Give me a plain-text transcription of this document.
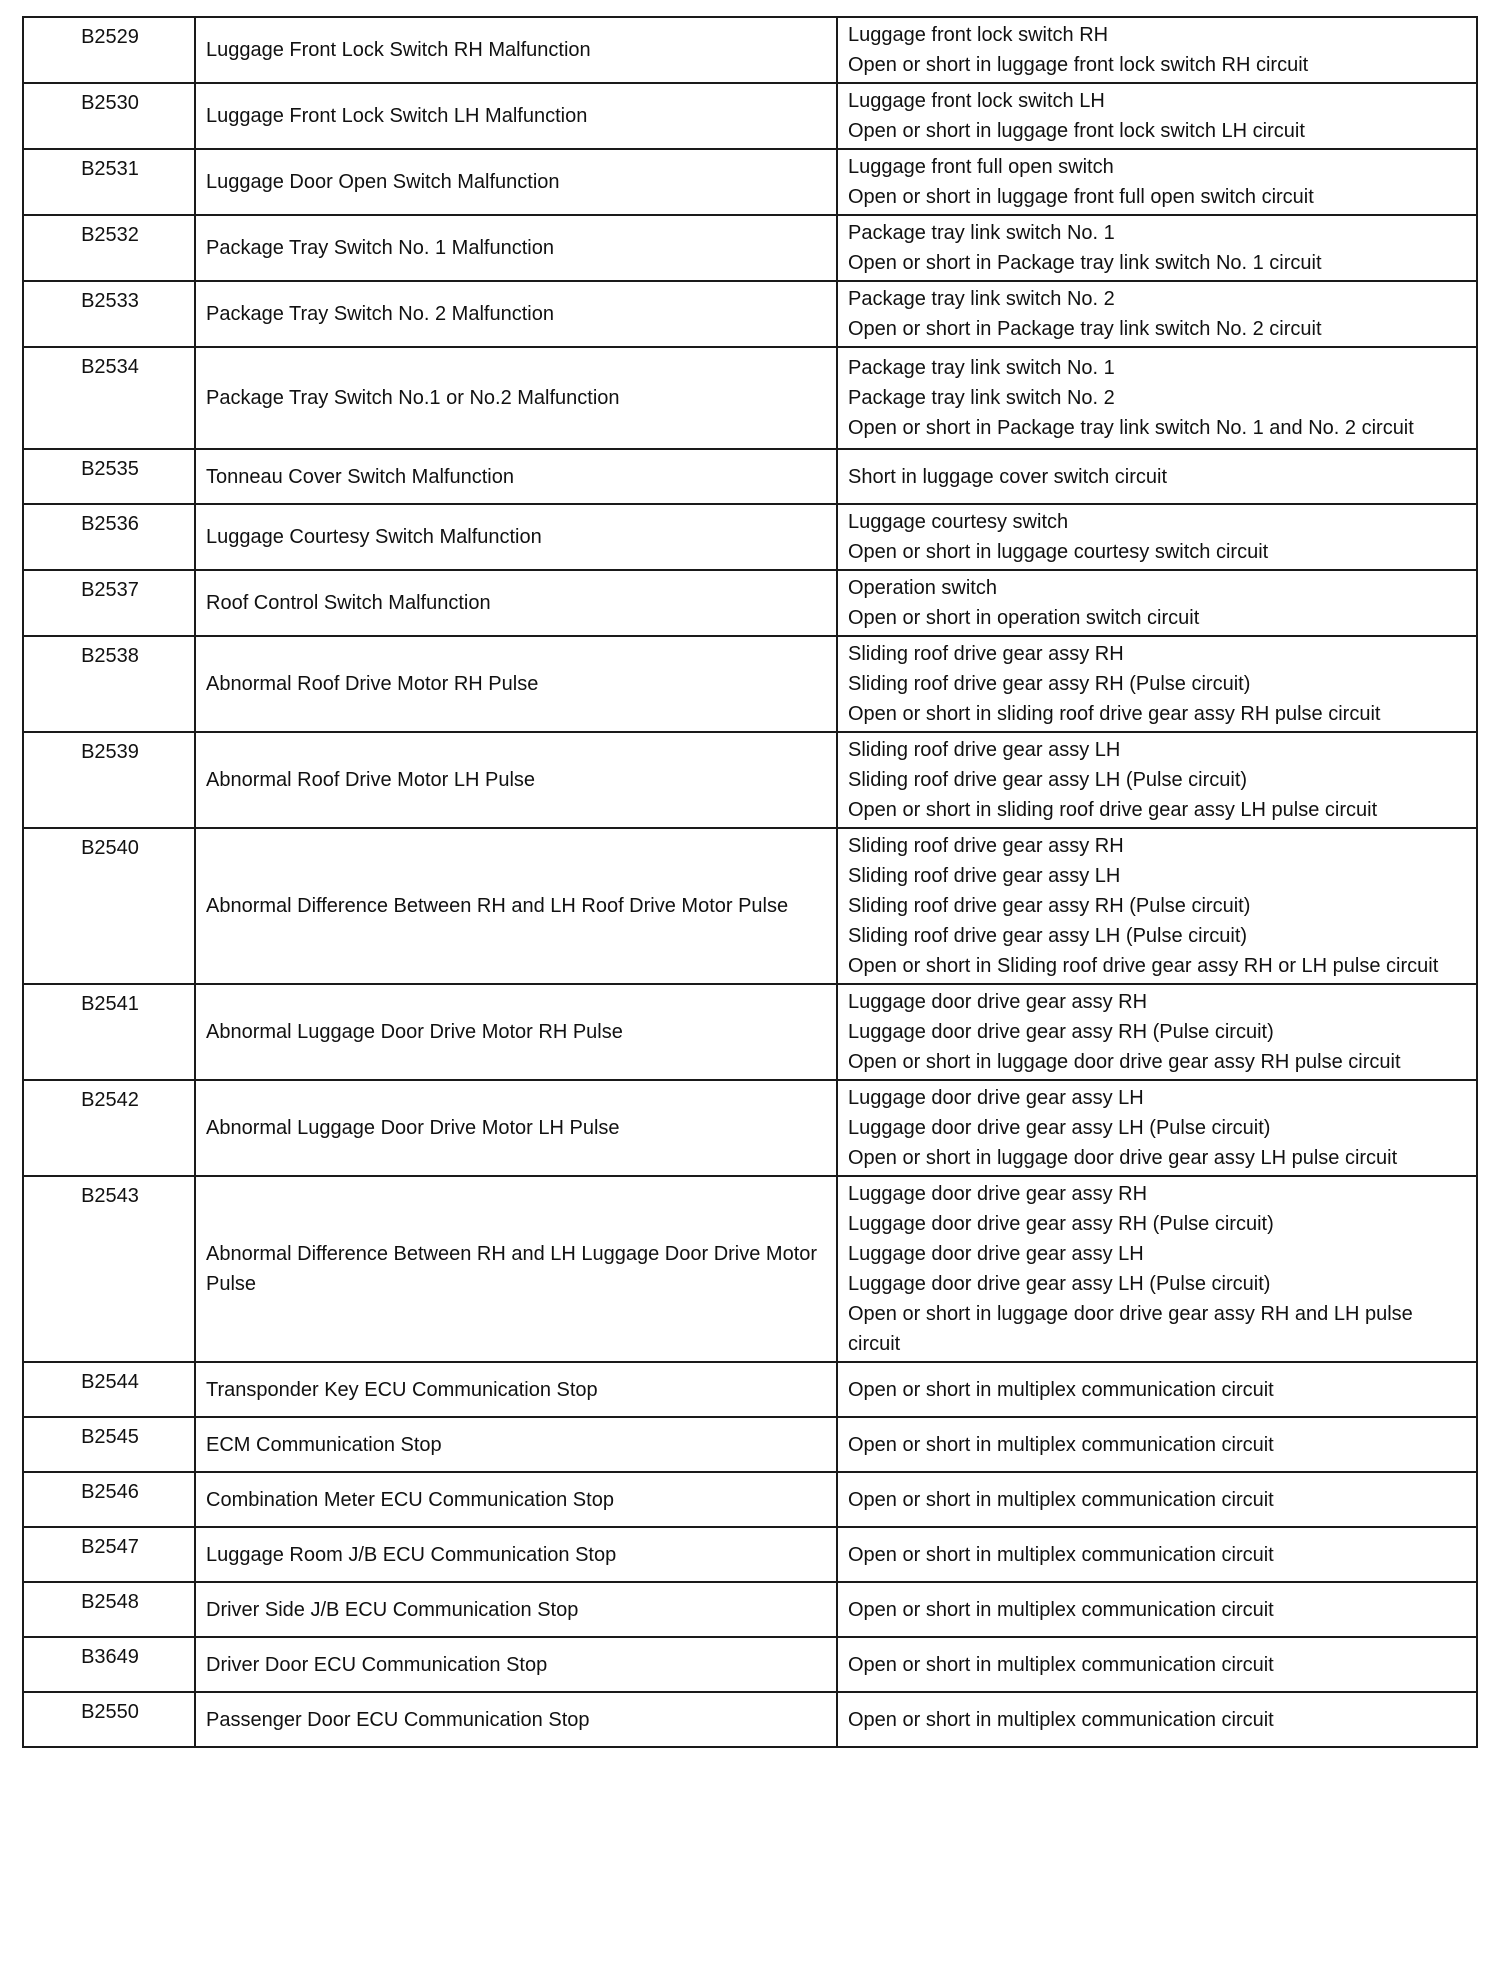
B2529	Luggage Front Lock Switch RH Malfunction	Luggage front lock switch RH
Open or short in luggage front lock switch RH circuit

B2530	Luggage Front Lock Switch LH Malfunction	Luggage front lock switch LH
Open or short in luggage front lock switch LH circuit

B2531	Luggage Door Open Switch Malfunction	Luggage front full open switch
Open or short in luggage front full open switch circuit

B2532	Package Tray Switch No. 1 Malfunction	Package tray link switch No. 1
Open or short in Package tray link switch No. 1 circuit

B2533	Package Tray Switch No. 2 Malfunction	Package tray link switch No. 2
Open or short in Package tray link switch No. 2 circuit

B2534	Package Tray Switch No.1 or No.2 Malfunction	Package tray link switch No. 1
Package tray link switch No. 2
Open or short in Package tray link switch No. 1 and No. 2 circuit

B2535	Tonneau Cover Switch Malfunction	Short in luggage cover switch circuit

B2536	Luggage Courtesy Switch Malfunction	Luggage courtesy switch
Open or short in luggage courtesy switch circuit

B2537	Roof Control Switch Malfunction	Operation switch
Open or short in operation switch circuit

B2538	Abnormal Roof Drive Motor RH Pulse	Sliding roof drive gear assy RH
Sliding roof drive gear assy RH (Pulse circuit)
Open or short in sliding roof drive gear assy RH pulse circuit

B2539	Abnormal Roof Drive Motor LH Pulse	Sliding roof drive gear assy LH
Sliding roof drive gear assy LH (Pulse circuit)
Open or short in sliding roof drive gear assy LH pulse circuit

B2540	Abnormal Difference Between RH and LH Roof Drive Motor Pulse	Sliding roof drive gear assy RH
Sliding roof drive gear assy LH
Sliding roof drive gear assy RH (Pulse circuit)
Sliding roof drive gear assy LH (Pulse circuit)
Open or short in Sliding roof drive gear assy RH or LH pulse circuit

B2541	Abnormal Luggage Door Drive Motor RH Pulse	Luggage door drive gear assy RH
Luggage door drive gear assy RH (Pulse circuit)
Open or short in luggage door drive gear assy RH pulse circuit

B2542	Abnormal Luggage Door Drive Motor LH Pulse	Luggage door drive gear assy LH
Luggage door drive gear assy LH (Pulse circuit)
Open or short in luggage door drive gear assy LH pulse circuit

B2543	Abnormal Difference Between RH and LH Luggage Door Drive Motor Pulse	Luggage door drive gear assy RH
Luggage door drive gear assy RH (Pulse circuit)
Luggage door drive gear assy LH
Luggage door drive gear assy LH (Pulse circuit)
Open or short in luggage door drive gear assy RH and LH pulse circuit

B2544	Transponder Key ECU Communication Stop	Open or short in multiplex communication circuit

B2545	ECM Communication Stop	Open or short in multiplex communication circuit

B2546	Combination Meter ECU Communication Stop	Open or short in multiplex communication circuit

B2547	Luggage Room J/B ECU Communication Stop	Open or short in multiplex communication circuit

B2548	Driver Side J/B ECU Communication Stop	Open or short in multiplex communication circuit

B3649	Driver Door ECU Communication Stop	Open or short in multiplex communication circuit

B2550	Passenger Door ECU Communication Stop	Open or short in multiplex communication circuit
